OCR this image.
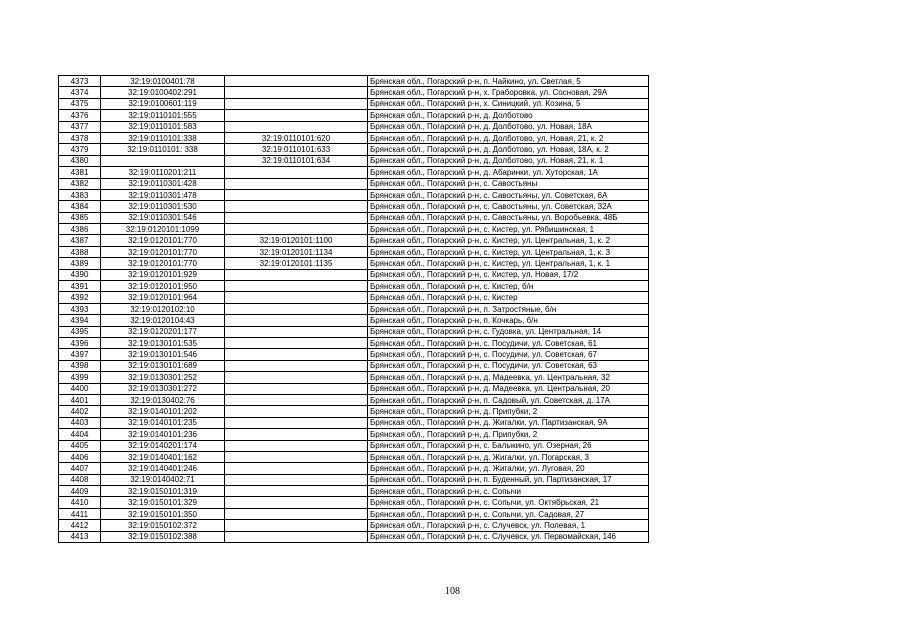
4373	32:19:0100401:78		Брянская обл., Погарский р-н, п. Чайкино, ул. Светлая, 5
4374	32:19:0100402:291		Брянская обл., Погарский р-н, х. Граборовка, ул. Сосновая, 29А
4375	32:19:0100601:119		Брянская обл., Погарский р-н, х. Синицкий, ул. Козина, 5
4376	32:19:0110101:555		Брянская обл., Погарский р-н, д. Долботово
4377	32:19:0110101:583		Брянская обл., Погарский р-н, д. Долботово, ул. Новая, 18А
4378	32:19:0110101:338	32:19:0110101:620	Брянская обл., Погарский р-н, д. Долботово, ул. Новая, 21, к. 2
4379	32:19:0110101: 338	32:19:0110101:633	Брянская обл., Погарский р-н, д. Долботово, ул. Новая, 18А, к. 2
4380		32:19:0110101:634	Брянская обл., Погарский р-н, д. Долботово, ул. Новая, 21, к. 1
4381	32:19:0110201:211		Брянская обл., Погарский р-н, д. Абаринки, ул. Хуторская, 1А
4382	32:19:0110301:428		Брянская обл., Погарский р-н, с. Савостьяны
4383	32:19:0110301:478		Брянская обл., Погарский р-н, с. Савостьяны, ул. Советская, 6А
4384	32:19:0110301:530		Брянская обл., Погарский р-н, с. Савостьяны, ул. Советская, 32А
4385	32:19:0110301:546		Брянская обл., Погарский р-н, с. Савостьяны, ул. Воробьевка, 48Б
4386	32:19:0120101:1099		Брянская обл., Погарский р-н, с. Кистер, ул. Рябишинская, 1
4387	32:19:0120101:770	32:19:0120101:1100	Брянская обл., Погарский р-н, с. Кистер, ул. Центральная, 1, к. 2
4388	32:19:0120101:770	32:19:0120101:1134	Брянская обл., Погарский р-н, с. Кистер, ул. Центральная, 1, к. 3
4389	32:19:0120101:770	32:19:0120101:1135	Брянская обл., Погарский р-н, с. Кистер, ул. Центральная, 1, к. 1
4390	32:19:0120101:929		Брянская обл., Погарский р-н, с. Кистер, ул. Новая, 17/2
4391	32:19:0120101:950		Брянская обл., Погарский р-н, с. Кистер, б/н
4392	32:19:0120101:964		Брянская обл., Погарский р-н, с. Кистер
4393	32:19:0120102:10		Брянская обл., Погарский р-н, п. Затростяные, б/н
4394	32:19:0120104:43		Брянская обл., Погарский р-н, п. Кочкарь, б/н
4395	32:19:0120201:177		Брянская обл., Погарский р-н, с. Гудовка, ул. Центральная, 14
4396	32:19:0130101:535		Брянская обл., Погарский р-н, с. Посудичи, ул. Советская, 61
4397	32:19:0130101:546		Брянская обл., Погарский р-н, с. Посудичи, ул. Советская, 67
4398	32:19:0130101:689		Брянская обл., Погарский р-н, с. Посудичи, ул. Советская, 63
4399	32:19:0130301:252		Брянская обл., Погарский р-н, д. Мадеевка, ул. Центральная, 32
4400	32:19:0130301:272		Брянская обл., Погарский р-н, д. Мадеевка, ул. Центральная, 20
4401	32:19:0130402:76		Брянская обл., Погарский р-н, п. Садовый, ул. Советская, д. 17А
4402	32:19:0140101:202		Брянская обл., Погарский р-н, д. Припубки, 2
4403	32:19:0140101:235		Брянская обл., Погарский р-н, д. Жигалки, ул. Партизанская, 9А
4404	32:19:0140101:236		Брянская обл., Погарский р-н, д. Припубки, 2
4405	32:19:0140201:174		Брянская обл., Погарский р-н, с. Балыкино, ул. Озерная, 26
4406	32:19:0140401:162		Брянская обл., Погарский р-н, д. Жигалки, ул. Погарская, 3
4407	32:19:0140401:246		Брянская обл., Погарский р-н, д. Жигалки, ул. Луговая, 20
4408	32:19:0140402:71		Брянская обл., Погарский р-н, п. Буденный, ул. Партизанская, 17
4409	32:19:0150101:319		Брянская обл., Погарский р-н, с. Сопычи
4410	32:19:0150101:329		Брянская обл., Погарский р-н, с. Сопычи, ул. Октябрьская, 21
4411	32:19:0150101:350		Брянская обл., Погарский р-н, с. Сопычи, ул. Садовая, 27
4412	32:19:0150102:372		Брянская обл., Погарский р-н, с. Случевск, ул. Полевая, 1
4413	32:19:0150102:388		Брянская обл., Погарский р-н, с. Случевск, ул. Первомайская, 146
108
